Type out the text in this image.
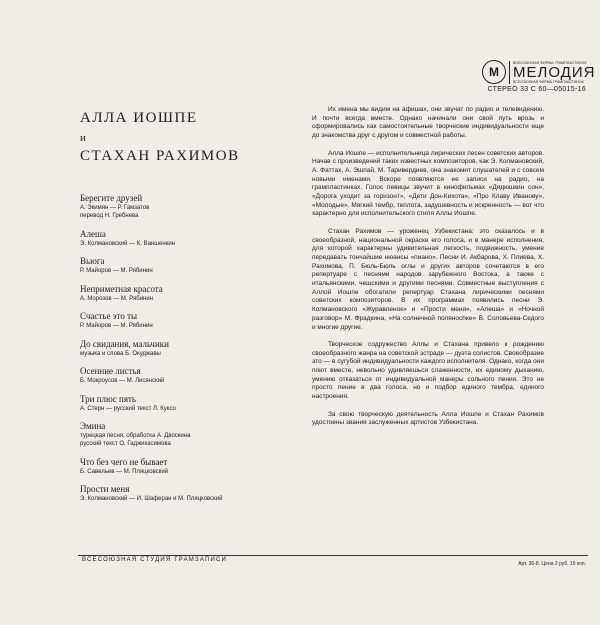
М
ВСЕСОЮЗНАЯ ФИРМА ГРАМПЛАСТИНОК
МЕЛОДИЯ
ВСЕСОЮЗНАЯ ФИРМА ГРАМПЛАСТИНОК
СТЕРЕО 33 С 60—05015-16
АЛЛА ИОШПЕ
и
СТАХАН РАХИМОВ
Берегите друзей
А. Экимян — Р. Гамзатов
перевод Н. Гребнева
Алеша
Э. Колмановский — К. Ваншенкин
Вьюга
Р. Майоров — М. Рябинин
Неприметная красота
А. Морозов — М. Рябинин
Счастье это ты
Р. Майоров — М. Рябинин
До свидания, мальчики
музыка и слова Б. Окуджавы
Осенние листья
Б. Мокроусов — М. Лисянский
Три плюс пять
А. Стерн — русский текст Л. Куксо
Эмина
турецкая песня, обработка А. Двоскина
русский текст О. Гаджикасимова
Что без чего не бывает
Б. Савельев — М. Пляцковский
Прости меня
Э. Колмановский — И. Шаферан и М. Пляцковский

Их имена мы видим на афишах, они звучат по радио и телевидению. И почти всегда вместе. Однако начинали они свой путь врозь и сформировались как самостоятельные творческие индивидуальности еще до знакомства друг с другом и совместной работы.

Алла Иошпе — исполнительница лирических песен советских авторов. Начав с произведений таких известных композиторов, как Э. Колмановский, А. Фаттах, А. Эшпай, М. Таривердиев, она знакомит слушателей и с совсем новыми именами. Вскоре появляются ее записи на радио, на грампластинках. Голос певицы звучит в кинофильмах «Дядюшкин сон», «Дорога уходит за горизонт», «Дети Дон-Кихота», «Про Клаву Иванову», «Молодые». Мягкий тембр, теплота, задушевность и искренность — вот что характерно для исполнительского стиля Аллы Иошпе.

Стахан Рахимов — уроженец Узбекистана; это сказалось и в своеобразной, национальной окраске его голоса, и в манере исполнения, для которой характерны удивительная легкость, подвижность, умение передавать тончайшие нюансы «пиано». Песни И. Акбарова, Х. Плиева, Х. Рахимова, П. Бюль-Бюль оглы и других авторов сочетаются в его репертуаре с песнями народов зарубежного Востока, а также с итальянскими, чешскими и другими песнями. Совместные выступления с Аллой Иошпе обогатили репертуар Стахана лирическими песнями советских композиторов. В их программах появились песни Э. Колмановского «Журавленок» и «Прости меня», «Алеша» и «Ночной разговор» М. Фрадкина, «На солнечной полянochке» В. Соловьева-Седого и многие другие.

Творческое содружество Аллы и Стахана привело к рождению своеобразного жанра на советской эстраде — дуэта солистов. Своеобразие это — в сугубой индивидуальности каждого исполнителя. Однако, когда они поют вместе, невольно удивляешься слаженности, их единому дыханию, умению отказаться от индивидуальной манеры сольного пения. Это не просто пение в два голоса, но и подбор единого тембра, единого настроения.

За свою творческую деятельность Алла Иошпе и Стахан Рахимов удостоены звания заслуженных артистов Узбекистана.

ВСЕСОЮЗНАЯ СТУДИЯ ГРАМЗАПИСИ
Арт. 36-8. Цена 2 руб. 15 коп.
